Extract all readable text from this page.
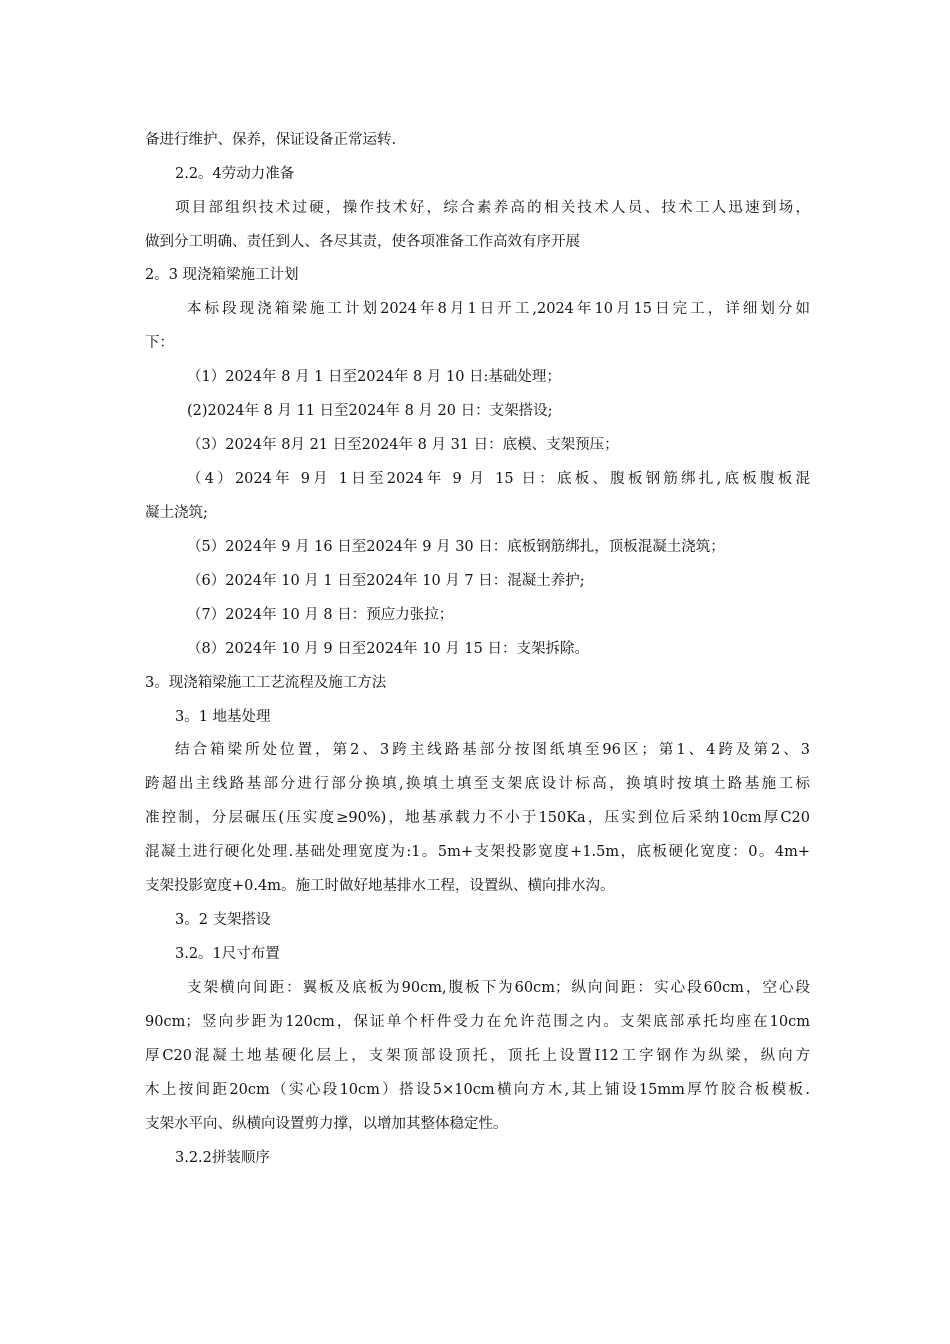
备进行维护、保养，保证设备正常运转.
2.2。4劳动力准备
项目部组织技术过硬，操作技术好，综合素养高的相关技术人员、技术工人迅速到场，
做到分工明确、责任到人、各尽其责，使各项准备工作高效有序开展
2。3 现浇箱梁施工计划
本标段现浇箱梁施工计划2024年8月1日开工,2024年10月15日完工，详细划分如
下：
（1）2024年 8 月 1 日至2024年 8 月 10 日:基础处理；
(2)2024年 8 月 11 日至2024年 8 月 20 日：支架搭设;
（3）2024年 8月 21 日至2024年 8 月 31 日：底模、支架预压；
（4）2024年 9月 1日至2024年 9 月 15 日：底板、腹板钢筋绑扎,底板腹板混
凝土浇筑;
（5）2024年 9 月 16 日至2024年 9 月 30 日：底板钢筋绑扎，顶板混凝土浇筑；
（6）2024年 10 月 1 日至2024年 10 月 7 日：混凝土养护;
（7）2024年 10 月 8 日：预应力张拉；
（8）2024年 10 月 9 日至2024年 10 月 15 日：支架拆除。
3。现浇箱梁施工工艺流程及施工方法
3。1 地基处理
结合箱梁所处位置，第2、3跨主线路基部分按图纸填至96区；第1、4跨及第2、3
跨超出主线路基部分进行部分换填,换填土填至支架底设计标高，换填时按填土路基施工标
准控制，分层碾压(压实度≥90%)，地基承载力不小于150Ka，压实到位后采纳10cm厚C20
混凝土进行硬化处理.基础处理宽度为:1。5m+支架投影宽度+1.5m，底板硬化宽度：0。4m+
支架投影宽度+0.4m。施工时做好地基排水工程，设置纵、横向排水沟。
3。2 支架搭设
3.2。1尺寸布置
支架横向间距：翼板及底板为90cm,腹板下为60cm；纵向间距：实心段60cm，空心段
90cm；竖向步距为120cm，保证单个杆件受力在允许范围之内。支架底部承托均座在10cm
厚C20混凝土地基硬化层上，支架顶部设顶托，顶托上设置I12工字钢作为纵梁，纵向方
木上按间距20cm（实心段10cm）搭设5×10cm横向方木,其上铺设15mm厚竹胶合板模板.
支架水平向、纵横向设置剪力撑，以增加其整体稳定性。
3.2.2拼装顺序
